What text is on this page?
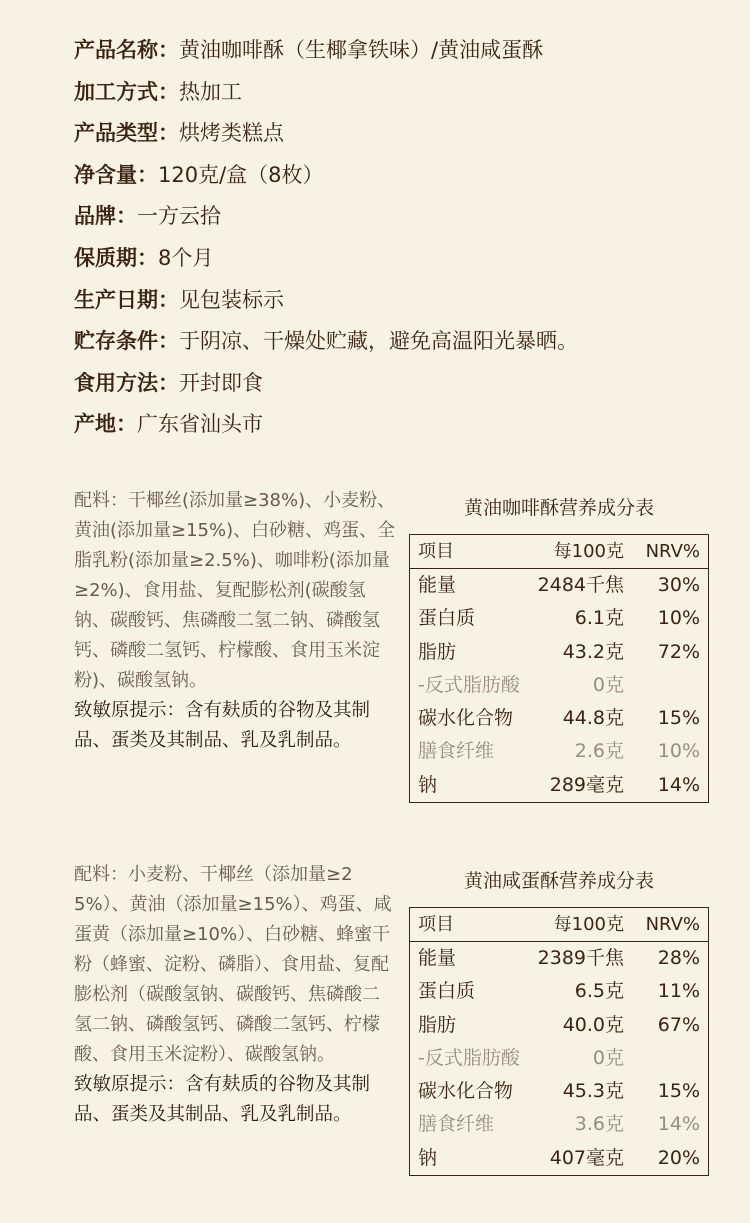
产品名称：黄油咖啡酥（生椰拿铁味）/黄油咸蛋酥
加工方式：热加工
产品类型：烘烤类糕点
净含量：120克/盒（8枚）
品牌：一方云拾
保质期：8个月
生产日期：见包装标示
贮存条件：于阴凉、干燥处贮藏，避免高温阳光暴晒。
食用方法：开封即食
产地：广东省汕头市
配料：干椰丝(添加量≥38%)、小麦粉、黄油(添加量≥15%)、白砂糖、鸡蛋、全脂乳粉(添加量≥2.5%)、咖啡粉(添加量≥2%)、食用盐、复配膨松剂(碳酸氢钠、碳酸钙、焦磷酸二氢二钠、磷酸氢钙、磷酸二氢钙、柠檬酸、食用玉米淀粉)、碳酸氢钠。
致敏原提示：含有麸质的谷物及其制品、蛋类及其制品、乳及乳制品。
黄油咖啡酥营养成分表
项目	每100克	NRV%
能量	2484千焦	30%
蛋白质	6.1克	10%
脂肪	43.2克	72%
-反式脂肪酸	0克
碳水化合物	44.8克	15%
膳食纤维	2.6克	10%
钠	289毫克	14%
配料：小麦粉、干椰丝（添加量≥25%）、黄油（添加量≥15%）、鸡蛋、咸蛋黄（添加量≥10%）、白砂糖、蜂蜜干粉（蜂蜜、淀粉、磷脂）、食用盐、复配膨松剂（碳酸氢钠、碳酸钙、焦磷酸二氢二钠、磷酸氢钙、磷酸二氢钙、柠檬酸、食用玉米淀粉）、碳酸氢钠。
致敏原提示：含有麸质的谷物及其制品、蛋类及其制品、乳及乳制品。
黄油咸蛋酥营养成分表
项目	每100克	NRV%
能量	2389千焦	28%
蛋白质	6.5克	11%
脂肪	40.0克	67%
-反式脂肪酸	0克
碳水化合物	45.3克	15%
膳食纤维	3.6克	14%
钠	407毫克	20%
